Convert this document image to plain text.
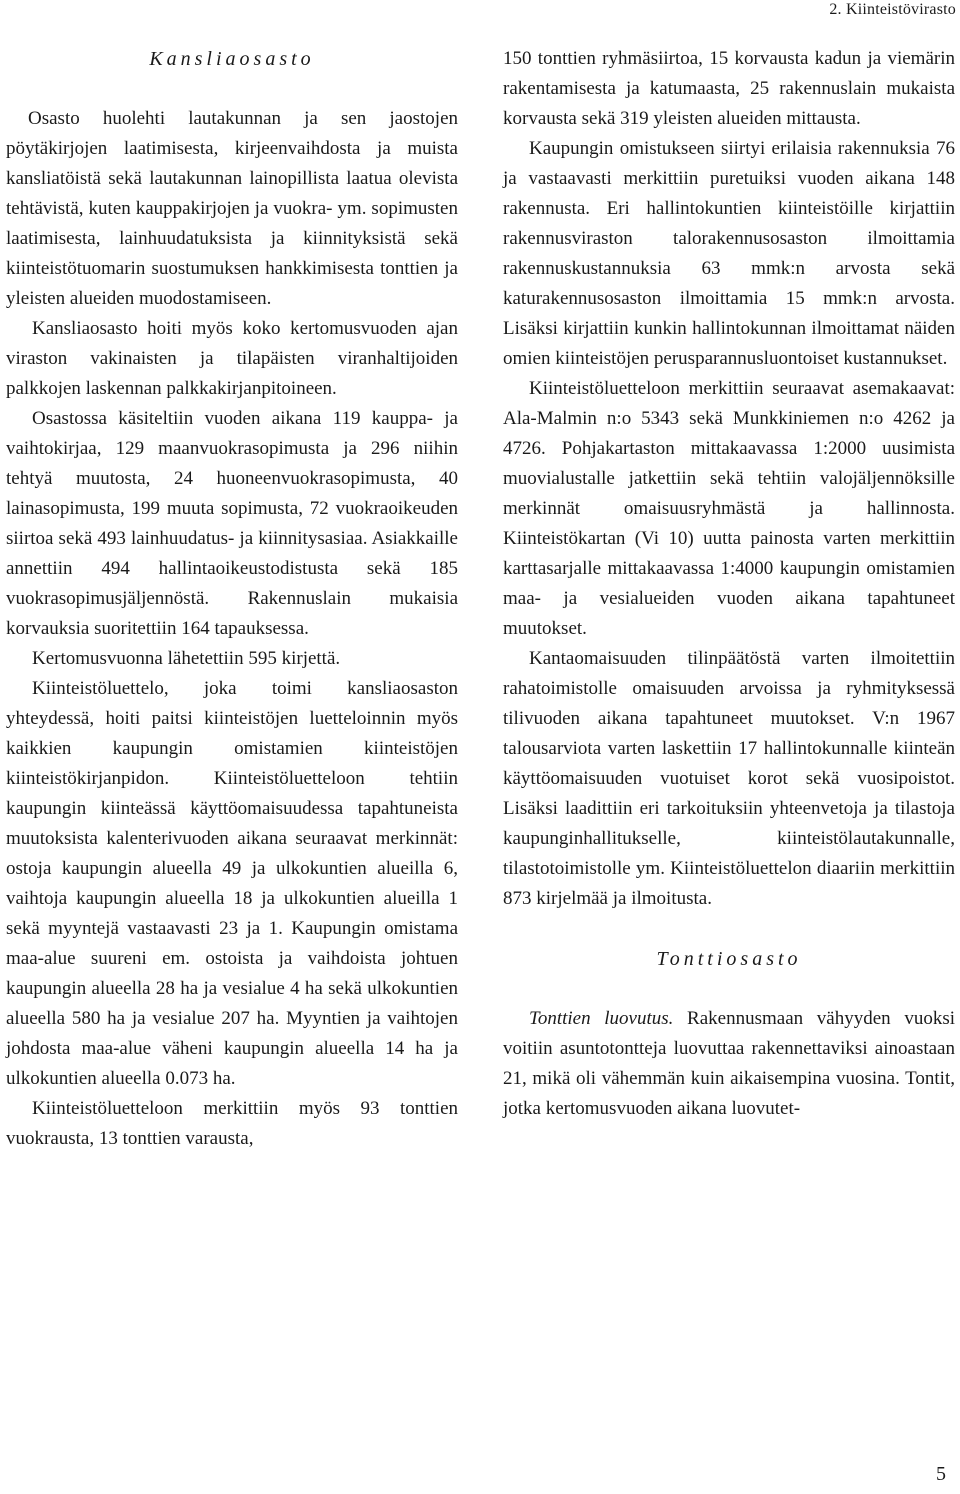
2. Kiinteistövirasto
Kansliaosasto

Osasto huolehti lautakunnan ja sen jaostojen pöytäkirjojen laatimisesta, kirjeenvaihdosta ja muista kansliatöistä sekä lautakunnan lainopillista laatua olevista tehtävistä, kuten kauppakirjojen ja vuokra- ym. sopimusten laatimisesta, lainhuudatuksista ja kiinnityksistä sekä kiinteistötuomarin suostumuksen hankkimisesta tonttien ja yleisten alueiden muodostamiseen.

Kansliaosasto hoiti myös koko kertomusvuoden ajan viraston vakinaisten ja tilapäisten viranhaltijoiden palkkojen laskennan palkkakirjanpitoineen.

Osastossa käsiteltiin vuoden aikana 119 kauppa- ja vaihtokirjaa, 129 maanvuokrasopimusta ja 296 niihin tehtyä muutosta, 24 huoneenvuokrasopimusta, 40 lainasopimusta, 199 muuta sopimusta, 72 vuokraoikeuden siirtoa sekä 493 lainhuudatus- ja kiinnitysasiaa. Asiakkaille annettiin 494 hallintaoikeustodistusta sekä 185 vuokrasopimusjäljennöstä. Rakennuslain mukaisia korvauksia suoritettiin 164 tapauksessa.

Kertomusvuonna lähetettiin 595 kirjettä.

Kiinteistöluettelo, joka toimi kansliaosaston yhteydessä, hoiti paitsi kiinteistöjen luetteloinnin myös kaikkien kaupungin omistamien kiinteistöjen kiinteistökirjanpidon. Kiinteistöluetteloon tehtiin kaupungin kiinteässä käyttöomaisuudessa tapahtuneista muutoksista kalenterivuoden aikana seuraavat merkinnät: ostoja kaupungin alueella 49 ja ulkokuntien alueilla 6, vaihtoja kaupungin alueella 18 ja ulkokuntien alueilla 1 sekä myyntejä vastaavasti 23 ja 1. Kaupungin omistama maa-alue suureni em. ostoista ja vaihdoista johtuen kaupungin alueella 28 ha ja vesialue 4 ha sekä ulkokuntien alueella 580 ha ja vesialue 207 ha. Myyntien ja vaihtojen johdosta maa-alue väheni kaupungin alueella 14 ha ja ulkokuntien alueella 0.073 ha.

Kiinteistöluetteloon merkittiin myös 93 tonttien vuokrausta, 13 tonttien varausta,

150 tonttien ryhmäsiirtoa, 15 korvausta kadun ja viemärin rakentamisesta ja katumaasta, 25 rakennuslain mukaista korvausta sekä 319 yleisten alueiden mittausta.

Kaupungin omistukseen siirtyi erilaisia rakennuksia 76 ja vastaavasti merkittiin puretuiksi vuoden aikana 148 rakennusta. Eri hallintokuntien kiinteistöille kirjattiin rakennusviraston talorakennusosaston ilmoittamia rakennuskustannuksia 63 mmk:n arvosta sekä katurakennusosaston ilmoittamia 15 mmk:n arvosta. Lisäksi kirjattiin kunkin hallintokunnan ilmoittamat näiden omien kiinteistöjen perusparannusluontoiset kustannukset.

Kiinteistöluetteloon merkittiin seuraavat asemakaavat: Ala-Malmin n:o 5343 sekä Munkkiniemen n:o 4262 ja 4726. Pohjakartaston mittakaavassa 1:2000 uusimista muovialustalle jatkettiin sekä tehtiin valojäljennöksille merkinnät omaisuusryhmästä ja hallinnosta. Kiinteistökartan (Vi 10) uutta painosta varten merkittiin karttasarjalle mittakaavassa 1:4000 kaupungin omistamien maa- ja vesialueiden vuoden aikana tapahtuneet muutokset.

Kantaomaisuuden tilinpäätöstä varten ilmoitettiin rahatoimistolle omaisuuden arvoissa ja ryhmityksessä tilivuoden aikana tapahtuneet muutokset. V:n 1967 talousarviota varten laskettiin 17 hallintokunnalle kiinteän käyttöomaisuuden vuotuiset korot sekä vuosipoistot. Lisäksi laadittiin eri tarkoituksiin yhteenvetoja ja tilastoja kaupunginhallitukselle, kiinteistölautakunnalle, tilastotoimistolle ym. Kiinteistöluettelon diaariin merkittiin 873 kirjelmää ja ilmoitusta.

Tonttiosasto

Tonttien luovutus. Rakennusmaan vähyyden vuoksi voitiin asuntotontteja luovuttaa rakennettaviksi ainoastaan 21, mikä oli vähemmän kuin aikaisempina vuosina. Tontit, jotka kertomusvuoden aikana luovutet-

5
